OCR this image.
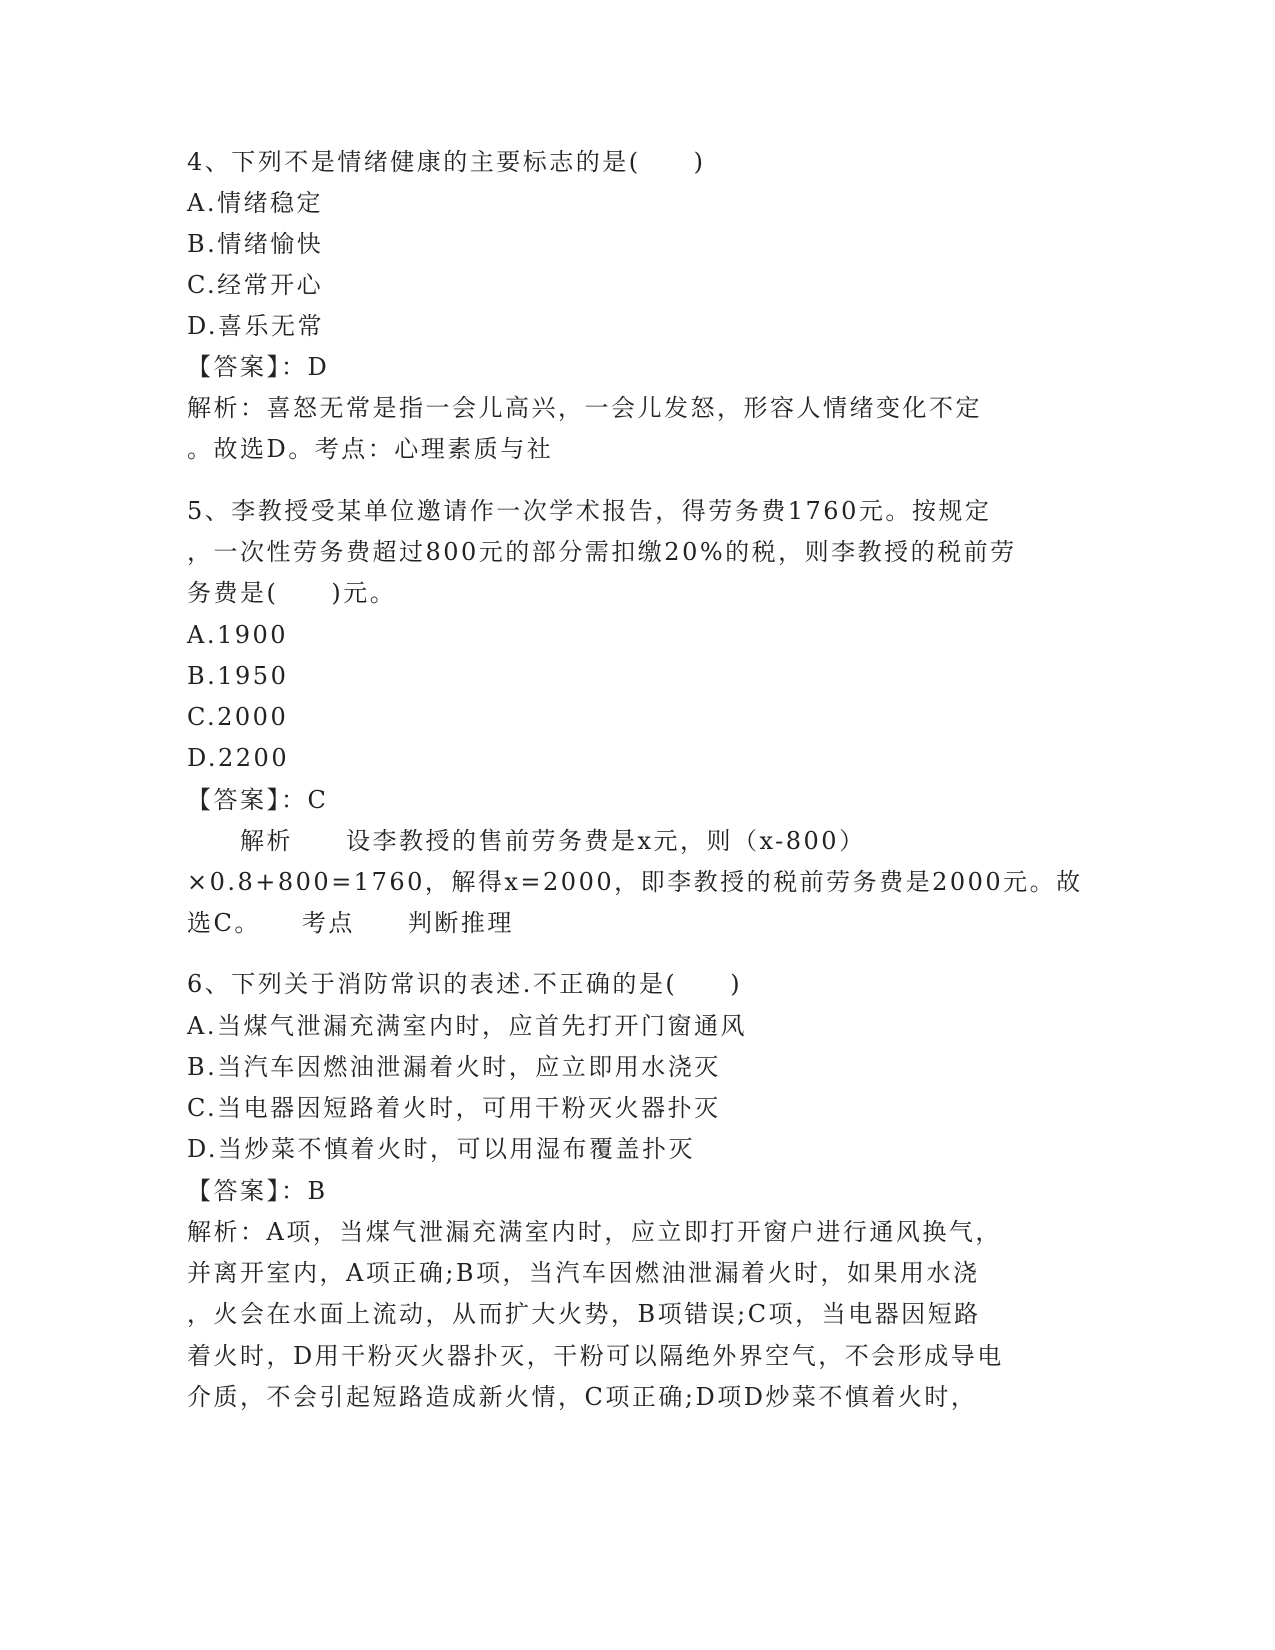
4、下列不是情绪健康的主要标志的是(　　)
A.情绪稳定
B.情绪愉快
C.经常开心
D.喜乐无常
【答案】：D
解析：喜怒无常是指一会儿高兴，一会儿发怒，形容人情绪变化不定
。故选D。考点：心理素质与社
5、李教授受某单位邀请作一次学术报告，得劳务费1760元。按规定
，一次性劳务费超过800元的部分需扣缴20%的税，则李教授的税前劳
务费是(　　)元。
A.1900
B.1950
C.2000
D.2200
【答案】：C
　　解析　　设李教授的售前劳务费是x元，则（x-800）
×0.8+800=1760，解得x=2000，即李教授的税前劳务费是2000元。故
选C。　　考点　　判断推理
6、下列关于消防常识的表述.不正确的是(　　)
A.当煤气泄漏充满室内时，应首先打开门窗通风
B.当汽车因燃油泄漏着火时，应立即用水浇灭
C.当电器因短路着火时，可用干粉灭火器扑灭
D.当炒菜不慎着火时，可以用湿布覆盖扑灭
【答案】：B
解析：A项，当煤气泄漏充满室内时，应立即打开窗户进行通风换气，
并离开室内，A项正确;B项，当汽车因燃油泄漏着火时，如果用水浇
，火会在水面上流动，从而扩大火势，B项错误;C项，当电器因短路
着火时，D用干粉灭火器扑灭，干粉可以隔绝外界空气，不会形成导电
介质，不会引起短路造成新火情，C项正确;D项D炒菜不慎着火时，
